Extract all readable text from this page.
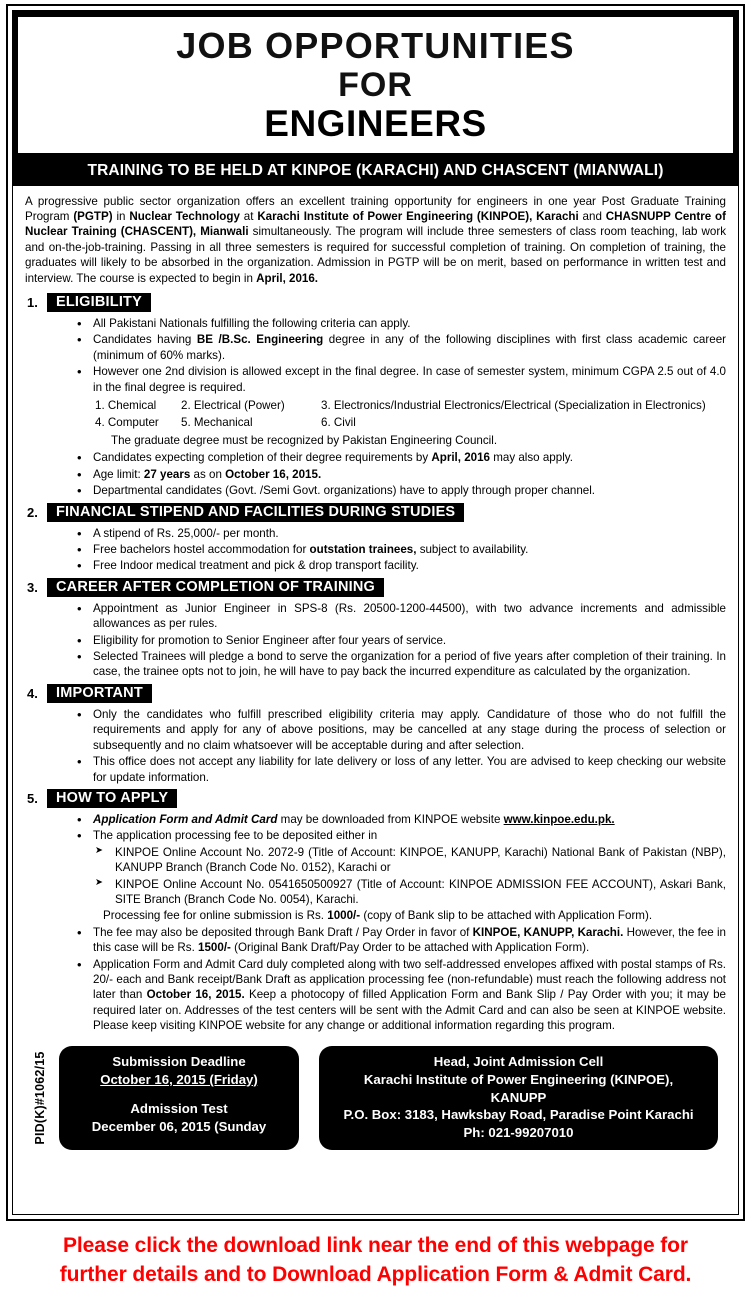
JOB OPPORTUNITIES
FOR
ENGINEERS
TRAINING TO BE HELD AT KINPOE (KARACHI) AND CHASCENT (MIANWALI)

A progressive public sector organization offers an excellent training opportunity for engineers in one year Post Graduate Training Program (PGTP) in Nuclear Technology at Karachi Institute of Power Engineering (KINPOE), Karachi and CHASNUPP Centre of Nuclear Training (CHASCENT), Mianwali simultaneously. The program will include three semesters of class room teaching, lab work and on-the-job-training. Passing in all three semesters is required for successful completion of training. On completion of training, the graduates will likely to be absorbed in the organization. Admission in PGTP will be on merit, based on performance in written test and interview. The course is expected to begin in April, 2016.

1.	ELIGIBILITY
• All Pakistani Nationals fulfilling the following criteria can apply.
• Candidates having BE /B.Sc. Engineering degree in any of the following disciplines with first class academic career (minimum of 60% marks).
• However one 2nd division is allowed except in the final degree. In case of semester system, minimum CGPA 2.5 out of 4.0 in the final degree is required.
1. Chemical	2. Electrical (Power)	3. Electronics/Industrial Electronics/Electrical (Specialization in Electronics)
4. Computer	5. Mechanical	6. Civil
The graduate degree must be recognized by Pakistan Engineering Council.
• Candidates expecting completion of their degree requirements by April, 2016 may also apply.
• Age limit: 27 years as on October 16, 2015.
• Departmental candidates (Govt. /Semi Govt. organizations) have to apply through proper channel.
2.	FINANCIAL STIPEND AND FACILITIES DURING STUDIES
• A stipend of Rs. 25,000/- per month.
• Free bachelors hostel accommodation for outstation trainees, subject to availability.
• Free Indoor medical treatment and pick & drop transport facility.
3.	CAREER AFTER COMPLETION OF TRAINING
• Appointment as Junior Engineer in SPS-8 (Rs. 20500-1200-44500), with two advance increments and admissible allowances as per rules.
• Eligibility for promotion to Senior Engineer after four years of service.
• Selected Trainees will pledge a bond to serve the organization for a period of five years after completion of their training. In case, the trainee opts not to join, he will have to pay back the incurred expenditure as calculated by the organization.
4.	IMPORTANT
• Only the candidates who fulfill prescribed eligibility criteria may apply. Candidature of those who do not fulfill the requirements and apply for any of above positions, may be cancelled at any stage during the process of selection or subsequently and no claim whatsoever will be acceptable during and after selection.
• This office does not accept any liability for late delivery or loss of any letter. You are advised to keep checking our website for update information.
5.	HOW TO APPLY
• Application Form and Admit Card may be downloaded from KINPOE website www.kinpoe.edu.pk.
• The application processing fee to be deposited either in
➤ KINPOE Online Account No. 2072-9 (Title of Account: KINPOE, KANUPP, Karachi) National Bank of Pakistan (NBP), KANUPP Branch (Branch Code No. 0152), Karachi or
➤ KINPOE Online Account No. 0541650500927 (Title of Account: KINPOE ADMISSION FEE ACCOUNT), Askari Bank, SITE Branch (Branch Code No. 0054), Karachi.
Processing fee for online submission is Rs. 1000/- (copy of Bank slip to be attached with Application Form).
• The fee may also be deposited through Bank Draft / Pay Order in favor of KINPOE, KANUPP, Karachi. However, the fee in this case will be Rs. 1500/- (Original Bank Draft/Pay Order to be attached with Application Form).
• Application Form and Admit Card duly completed along with two self-addressed envelopes affixed with postal stamps of Rs. 20/- each and Bank receipt/Bank Draft as application processing fee (non-refundable) must reach the following address not later than October 16, 2015. Keep a photocopy of filled Application Form and Bank Slip / Pay Order with you; it may be required later on. Addresses of the test centers will be sent with the Admit Card and can also be seen at KINPOE website. Please keep visiting KINPOE website for any change or additional information regarding this program.
PID(K)#1062/15	Submission Deadline
October 16, 2015 (Friday)
Admission Test
December 06, 2015 (Sunday
Head, Joint Admission Cell
Karachi Institute of Power Engineering (KINPOE),
KANUPP
P.O. Box: 3183, Hawksbay Road, Paradise Point Karachi
Ph: 021-99207010
Please click the download link near the end of this webpage for
further details and to Download Application Form & Admit Card.
